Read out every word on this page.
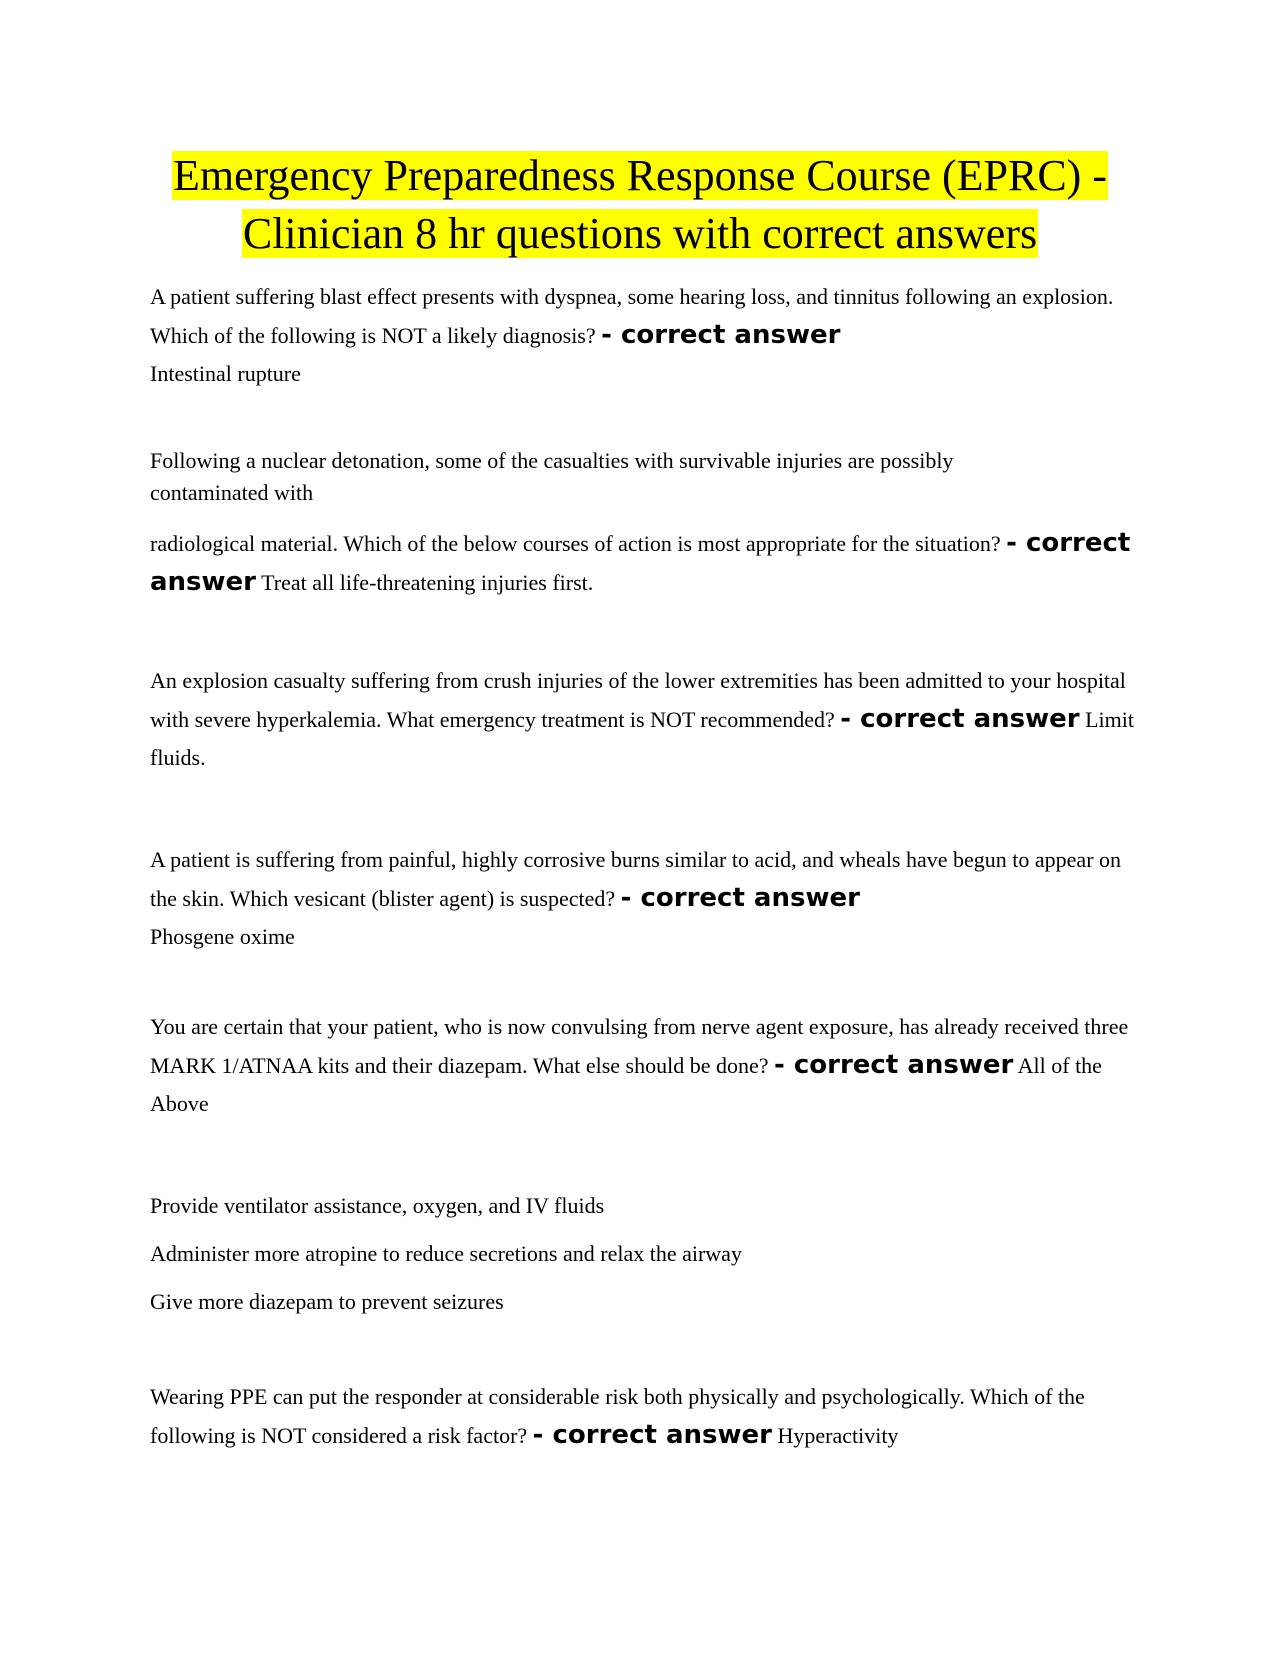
Emergency Preparedness Response Course (EPRC) -
Clinician 8 hr questions with correct answers
A patient suffering blast effect presents with dyspnea, some hearing loss, and tinnitus following an explosion. Which of the following is NOT a likely diagnosis? - correct answer
Intestinal rupture
Following a nuclear detonation, some of the casualties with survivable injuries are possibly contaminated with
radiological material. Which of the below courses of action is most appropriate for the situation? - correct answer Treat all life-threatening injuries first.
An explosion casualty suffering from crush injuries of the lower extremities has been admitted to your hospital with severe hyperkalemia. What emergency treatment is NOT recommended? - correct answer Limit fluids.
A patient is suffering from painful, highly corrosive burns similar to acid, and wheals have begun to appear on the skin. Which vesicant (blister agent) is suspected? - correct answer
Phosgene oxime
You are certain that your patient, who is now convulsing from nerve agent exposure, has already received three MARK 1/ATNAA kits and their diazepam. What else should be done? - correct answer All of the Above
Provide ventilator assistance, oxygen, and IV fluids
Administer more atropine to reduce secretions and relax the airway
Give more diazepam to prevent seizures
Wearing PPE can put the responder at considerable risk both physically and psychologically. Which of the following is NOT considered a risk factor? - correct answer Hyperactivity
